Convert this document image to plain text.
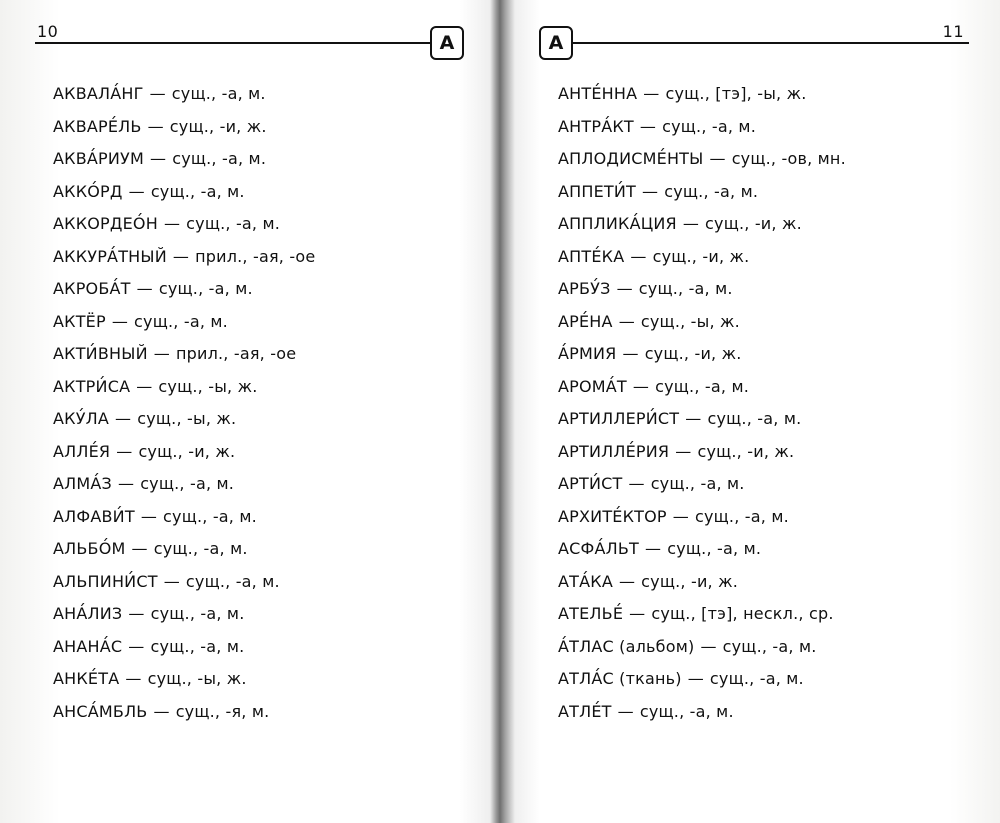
10
А
АКВАЛА́НГ — сущ., -а, м.
АКВАРЕ́ЛЬ — сущ., -и, ж.
АКВА́РИУМ — сущ., -а, м.
АККО́РД — сущ., -а, м.
АККОРДЕО́Н — сущ., -а, м.
АККУРА́ТНЫЙ — прил., -ая, -ое
АКРОБА́Т — сущ., -а, м.
АКТЁР — сущ., -а, м.
АКТИ́ВНЫЙ — прил., -ая, -ое
АКТРИ́СА — сущ., -ы, ж.
АКУ́ЛА — сущ., -ы, ж.
АЛЛЕ́Я — сущ., -и, ж.
АЛМА́З — сущ., -а, м.
АЛФАВИ́Т — сущ., -а, м.
АЛЬБО́М — сущ., -а, м.
АЛЬПИНИ́СТ — сущ., -а, м.
АНА́ЛИЗ — сущ., -а, м.
АНАНА́С — сущ., -а, м.
АНКЕ́ТА — сущ., -ы, ж.
АНСА́МБЛЬ — сущ., -я, м.
11
А
АНТЕ́ННА — сущ., [тэ], -ы, ж.
АНТРА́КТ — сущ., -а, м.
АПЛОДИСМЕ́НТЫ — сущ., -ов, мн.
АППЕТИ́Т — сущ., -а, м.
АППЛИКА́ЦИЯ — сущ., -и, ж.
АПТЕ́КА — сущ., -и, ж.
АРБУ́З — сущ., -а, м.
АРЕ́НА — сущ., -ы, ж.
А́РМИЯ — сущ., -и, ж.
АРОМА́Т — сущ., -а, м.
АРТИЛЛЕРИ́СТ — сущ., -а, м.
АРТИЛЛЕ́РИЯ — сущ., -и, ж.
АРТИ́СТ — сущ., -а, м.
АРХИТЕ́КТОР — сущ., -а, м.
АСФА́ЛЬТ — сущ., -а, м.
АТА́КА — сущ., -и, ж.
АТЕЛЬЕ́ — сущ., [тэ], нескл., ср.
А́ТЛАС (альбом) — сущ., -а, м.
АТЛА́С (ткань) — сущ., -а, м.
АТЛЕ́Т — сущ., -а, м.
